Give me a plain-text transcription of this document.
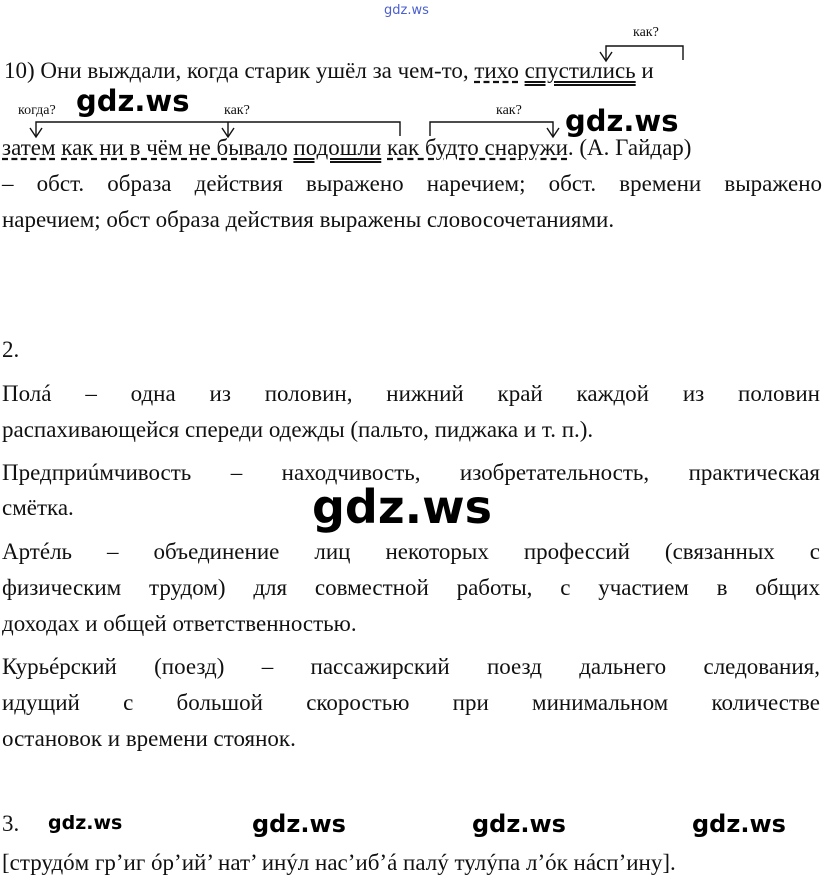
gdz.ws
gdz.ws
gdz.ws
gdz.ws
gdz.ws	gdz.ws	gdz.ws	gdz.ws
как?
когда?	как?	как?
10) Они выждали, когда старик ушёл за чем-то, тихо спустились и
затем как ни в чём не бывало подошли как будто снаружи. (А. Гайдар)
– обст. образа действия выражено наречием; обст. времени выражено
наречием; обст образа действия выражены словосочетаниями.
2.
Полá – одна из половин, нижний край каждой из половин
распахивающейся спереди одежды (пальто, пиджака и т. п.).
Предприúмчивость – находчивость, изобретательность, практическая
смётка.
Артéль – объединение лиц некоторых профессий (связанных с
физическим трудом) для совместной работы, с участием в общих
доходах и общей ответственностью.
Курьéрский (поезд) – пассажирский поезд дальнего следования,
идущий с большой скоростью при минимальном количестве
остановок и времени стоянок.
3.
[струдóм гр’иг óр’ий’ нат’ инýл нас’иб’á палý тулýпа л’óк нáсп’ину].
